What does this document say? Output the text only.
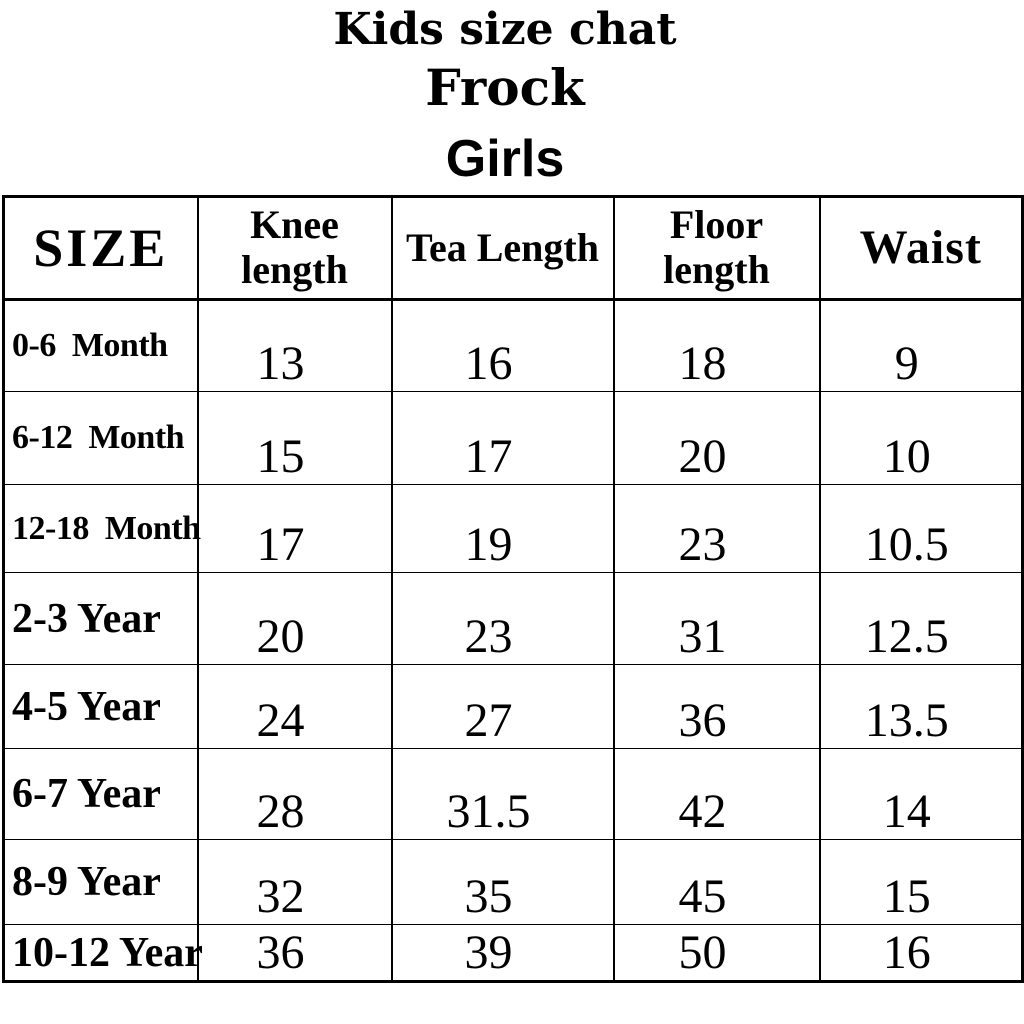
Kids size chat
Frock
Girls
SIZE	Knee length	Tea Length	Floor length	Waist
0-6  Month	13	16	18	9
6-12  Month	15	17	20	10
12-18  Month	17	19	23	10.5
2-3 Year	20	23	31	12.5
4-5 Year	24	27	36	13.5
6-7 Year	28	31.5	42	14
8-9 Year	32	35	45	15
10-12 Year	36	39	50	16
